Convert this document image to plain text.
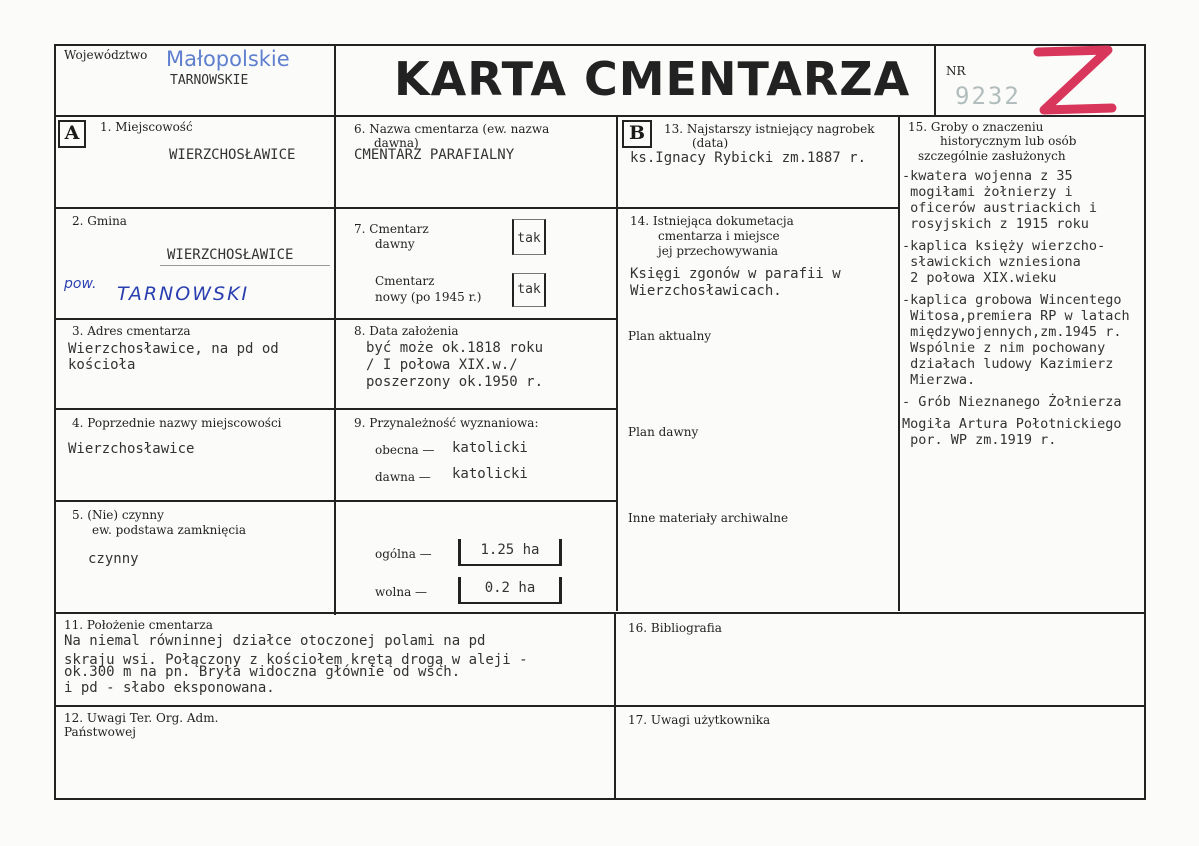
Województwo Małopolskie
TARNOWSKIE	KARTA CMENTARZA	NR
9232
A	1. Miejscowość
WIERZCHOSŁAWICE
2. Gmina
WIERZCHOSŁAWICE
pow. TARNOWSKI
3. Adres cmentarza
Wierzchosławice, na pd od
kościoła
4. Poprzednie nazwy miejscowości
Wierzchosławice
5. (Nie) czynny
ew. podstawa zamknięcia
czynny
6. Nazwa cmentarza (ew. nazwa
dawna)
CMENTARZ PARAFIALNY
7. Cmentarz
dawny	tak
Cmentarz
nowy (po 1945 r.)	tak
8. Data założenia
być może ok.1818 roku
/ I połowa XIX.w./
poszerzony ok.1950 r.
9. Przynależność wyznaniowa:
obecna — katolicki
dawna — katolicki
ogólna —	1.25 ha
wolna —	0.2 ha
B	13. Najstarszy istniejący nagrobek
(data)
ks.Ignacy Rybicki zm.1887 r.
14. Istniejąca dokumetacja
cmentarza i miejsce
jej przechowywania
Księgi zgonów w parafii w
Wierzchosławicach.
Plan aktualny
Plan dawny
Inne materiały archiwalne
15. Groby o znaczeniu
historycznym lub osób
szczególnie zasłużonych
-kwatera wojenna z 35
mogiłami żołnierzy i
oficerów austriackich i
rosyjskich z 1915 roku
-kaplica księży wierzcho-
sławickich wzniesiona
2 połowa XIX.wieku
-kaplica grobowa Wincentego
Witosa,premiera RP w latach
międzywojennych,zm.1945 r.
Wspólnie z nim pochowany
działach ludowy Kazimierz
Mierzwa.
- Grób Nieznanego Żołnierza
Mogiła Artura Połotnickiego
por. WP zm.1919 r.
11. Położenie cmentarza
Na niemal równinnej działce otoczonej polami na pd
skraju wsi. Połączony z kościołem krętą drogą w aleji -
ok.300 m na pn. Bryła widoczna głównie od wsch.
i pd - słabo eksponowana.
12. Uwagi Ter. Org. Adm.
Państwowej
16. Bibliografia
17. Uwagi użytkownika
